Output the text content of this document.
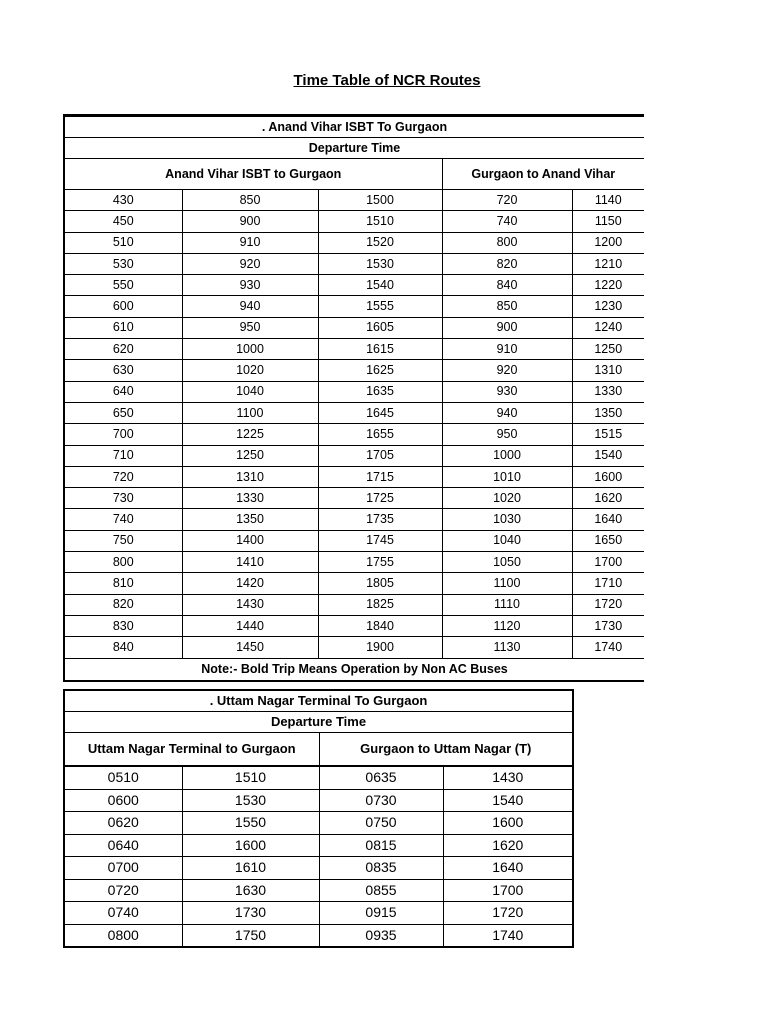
Time Table of NCR Routes
. Anand Vihar ISBT To Gurgaon				
Departure Time				
Anand Vihar ISBT to Gurgaon			Gurgaon to Anand Vihar	
430	850	1500	720	1140
450	900	1510	740	1150
510	910	1520	800	1200
530	920	1530	820	1210
550	930	1540	840	1220
600	940	1555	850	1230
610	950	1605	900	1240
620	1000	1615	910	1250
630	1020	1625	920	1310
640	1040	1635	930	1330
650	1100	1645	940	1350
700	1225	1655	950	1515
710	1250	1705	1000	1540
720	1310	1715	1010	1600
730	1330	1725	1020	1620
740	1350	1735	1030	1640
750	1400	1745	1040	1650
800	1410	1755	1050	1700
810	1420	1805	1100	1710
820	1430	1825	1110	1720
830	1440	1840	1120	1730
840	1450	1900	1130	1740
Note:- Bold Trip Means Operation by Non AC Buses				
. Uttam Nagar Terminal To Gurgaon			
Departure Time			
Uttam Nagar Terminal to Gurgaon		Gurgaon to Uttam Nagar (T)	
0510	1510	0635	1430
0600	1530	0730	1540
0620	1550	0750	1600
0640	1600	0815	1620
0700	1610	0835	1640
0720	1630	0855	1700
0740	1730	0915	1720
0800	1750	0935	1740
